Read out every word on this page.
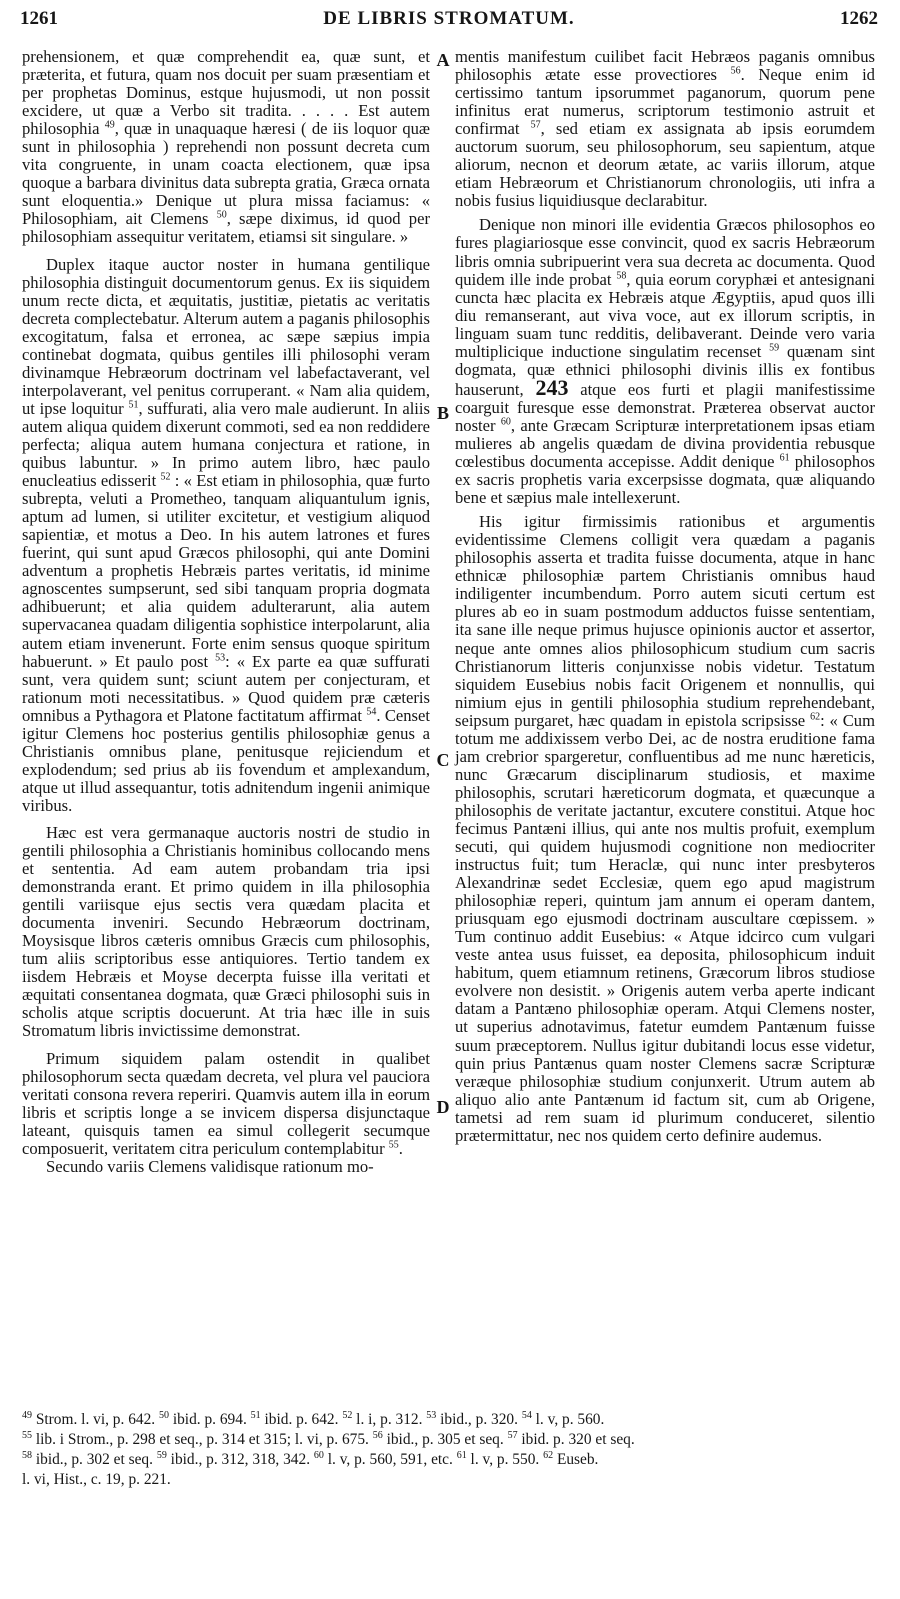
1261	DE LIBRIS STROMATUM.	1262

prehensionem, et quæ comprehendit ea, quæ sunt, et præterita, et futura, quam nos docuit per suam præsentiam et per prophetas Dominus, estque hujusmodi, ut non possit excidere, ut quæ a Verbo sit tradita. . . . . Est autem philosophia $^{49}$, quæ in unaquaque hæresi ( de iis loquor quæ sunt in philosophia ) reprehendi non possunt decreta cum vita congruente, in unam coacta electionem, quæ ipsa quoque a barbara divinitus data subrepta gratia, Græca ornata sunt eloquentia.» Denique ut plura missa faciamus: « Philosophiam, ait Clemens $^{50}$, sæpe diximus, id quod per philosophiam assequitur veritatem, etiamsi sit singulare. »

Duplex itaque auctor noster in humana gentilique philosophia distinguit documentorum genus. Ex iis siquidem unum recte dicta, et æquitatis, justitiæ, pietatis ac veritatis decreta complectebatur. Alterum autem a paganis philosophis excogitatum, falsa et erronea, ac sæpe sæpius impia continebat dogmata, quibus gentiles illi philosophi veram divinamque Hebræorum doctrinam vel labefactaverant, vel interpolaverant, vel penitus corruperant. « Nam alia quidem, ut ipse loquitur $^{51}$, suffurati, alia vero male audierunt. In aliis autem aliqua quidem dixerunt commoti, sed ea non reddidere perfecta; aliqua autem humana conjectura et ratione, in quibus labuntur. » In primo autem libro, hæc paulo enucleatius edisserit $^{52}$ : « Est etiam in philosophia, quæ furto subrepta, veluti a Prometheo, tanquam aliquantulum ignis, aptum ad lumen, si utiliter excitetur, et vestigium aliquod sapientiæ, et motus a Deo. In his autem latrones et fures fuerint, qui sunt apud Græcos philosophi, qui ante Domini adventum a prophetis Hebræis partes veritatis, id minime agnoscentes sumpserunt, sed sibi tanquam propria dogmata adhibuerunt; et alia quidem adulterarunt, alia autem supervacanea quadam diligentia sophistice interpolarunt, alia autem etiam invenerunt. Forte enim sensus quoque spiritum habuerunt. » Et paulo post $^{53}$: « Ex parte ea quæ suffurati sunt, vera quidem sunt; sciunt autem per conjecturam, et rationum moti necessitatibus. » Quod quidem præ cæteris omnibus a Pythagora et Platone factitatum affirmat $^{54}$. Censet igitur Clemens hoc posterius gentilis philosophiæ genus a Christianis omnibus plane, penitusque rejiciendum et explodendum; sed prius ab iis fovendum et amplexandum, atque ut illud assequantur, totis adnitendum ingenii animique viribus.

Hæc est vera germanaque auctoris nostri de studio in gentili philosophia a Christianis hominibus collocando mens et sententia. Ad eam autem probandam tria ipsi demonstranda erant. Et primo quidem in illa philosophia gentili variisque ejus sectis vera quædam placita et documenta inveniri. Secundo Hebræorum doctrinam, Moysisque libros cæteris omnibus Græcis cum philosophis, tum aliis scriptoribus esse antiquiores. Tertio tandem ex iisdem Hebræis et Moyse decerpta fuisse illa veritati et æquitati consentanea dogmata, quæ Græci philosophi suis in scholis atque scriptis docuerunt. At tria hæc ille in suis Stromatum libris invictissime demonstrat.

Primum siquidem palam ostendit in qualibet philosophorum secta quædam decreta, vel plura vel pauciora veritati consona revera reperiri. Quamvis autem illa in eorum libris et scriptis longe a se invicem dispersa disjunctaque lateant, quisquis tamen ea simul collegerit secumque composuerit, veritatem citra periculum contemplabitur $^{55}$.

Secundo variis Clemens validisque rationum mo-

A
B
C
D

mentis manifestum cuilibet facit Hebræos paganis omnibus philosophis ætate esse provectiores $^{56}$. Neque enim id certissimo tantum ipsorummet paganorum, quorum pene infinitus erat numerus, scriptorum testimonio astruit et confirmat $^{57}$, sed etiam ex assignata ab ipsis eorumdem auctorum suorum, seu philosophorum, seu sapientum, atque aliorum, necnon et deorum ætate, ac variis illorum, atque etiam Hebræorum et Christianorum chronologiis, uti infra a nobis fusius liquidiusque declarabitur.

Denique non minori ille evidentia Græcos philosophos eo fures plagiariosque esse convincit, quod ex sacris Hebræorum libris omnia subripuerint vera sua decreta ac documenta. Quod quidem ille inde probat $^{58}$, quia eorum coryphæi et antesignani cuncta hæc placita ex Hebræis atque Ægyptiis, apud quos illi diu remanserant, aut viva voce, aut ex illorum scriptis, in linguam suam tunc redditis, delibaverant. Deinde vero varia multiplicique inductione singulatim recenset $^{59}$ quænam sint dogmata, quæ ethnici philosophi divinis illis ex fontibus hauserunt, 243 atque eos furti et plagii manifestissime coarguit furesque esse demonstrat. Præterea observat auctor noster $^{60}$, ante Græcam Scripturæ interpretationem ipsas etiam mulieres ab angelis quædam de divina providentia rebusque cœlestibus documenta accepisse. Addit denique $^{61}$ philosophos ex sacris prophetis varia excerpsisse dogmata, quæ aliquando bene et sæpius male intellexerunt.

His igitur firmissimis rationibus et argumentis evidentissime Clemens colligit vera quædam a paganis philosophis asserta et tradita fuisse documenta, atque in hanc ethnicæ philosophiæ partem Christianis omnibus haud indiligenter incumbendum. Porro autem sicuti certum est plures ab eo in suam postmodum adductos fuisse sententiam, ita sane ille neque primus hujusce opinionis auctor et assertor, neque ante omnes alios philosophicum studium cum sacris Christianorum litteris conjunxisse nobis videtur. Testatum siquidem Eusebius nobis facit Origenem et nonnullis, qui nimium ejus in gentili philosophia studium reprehendebant, seipsum purgaret, hæc quadam in epistola scripsisse $^{62}$: « Cum totum me addixissem verbo Dei, ac de nostra eruditione fama jam crebrior spargeretur, confluentibus ad me nunc hæreticis, nunc Græcarum disciplinarum studiosis, et maxime philosophis, scrutari hæreticorum dogmata, et quæcunque a philosophis de veritate jactantur, excutere constitui. Atque hoc fecimus Pantæni illius, qui ante nos multis profuit, exemplum secuti, qui quidem hujusmodi cognitione non mediocriter instructus fuit; tum Heraclæ, qui nunc inter presbyteros Alexandrinæ sedet Ecclesiæ, quem ego apud magistrum philosophiæ reperi, quintum jam annum ei operam dantem, priusquam ego ejusmodi doctrinam auscultare cœpissem. » Tum continuo addit Eusebius: « Atque idcirco cum vulgari veste antea usus fuisset, ea deposita, philosophicum induit habitum, quem etiamnum retinens, Græcorum libros studiose evolvere non desistit. » Origenis autem verba aperte indicant datam a Pantæno philosophiæ operam. Atqui Clemens noster, ut superius adnotavimus, fatetur eumdem Pantænum fuisse suum præceptorem. Nullus igitur dubitandi locus esse videtur, quin prius Pantænus quam noster Clemens sacræ Scripturæ veræque philosophiæ studium conjunxerit. Utrum autem ab aliquo alio ante Pantænum id factum sit, cum ab Origene, tametsi ad rem suam id plurimum conduceret, silentio prætermittatur, nec nos quidem certo definire audemus.

$^{49}$ Strom. l. vi, p. 642. $^{50}$ ibid. p. 694. $^{51}$ ibid. p. 642. $^{52}$ l. i, p. 312. $^{53}$ ibid., p. 320. $^{54}$ l. v, p. 560.

$^{55}$ lib. i Strom., p. 298 et seq., p. 314 et 315; l. vi, p. 675. $^{56}$ ibid., p. 305 et seq. $^{57}$ ibid. p. 320 et seq.

$^{58}$ ibid., p. 302 et seq. $^{59}$ ibid., p. 312, 318, 342. $^{60}$ l. v, p. 560, 591, etc. $^{61}$ l. v, p. 550. $^{62}$ Euseb.

l. vi, Hist., c. 19, p. 221.
